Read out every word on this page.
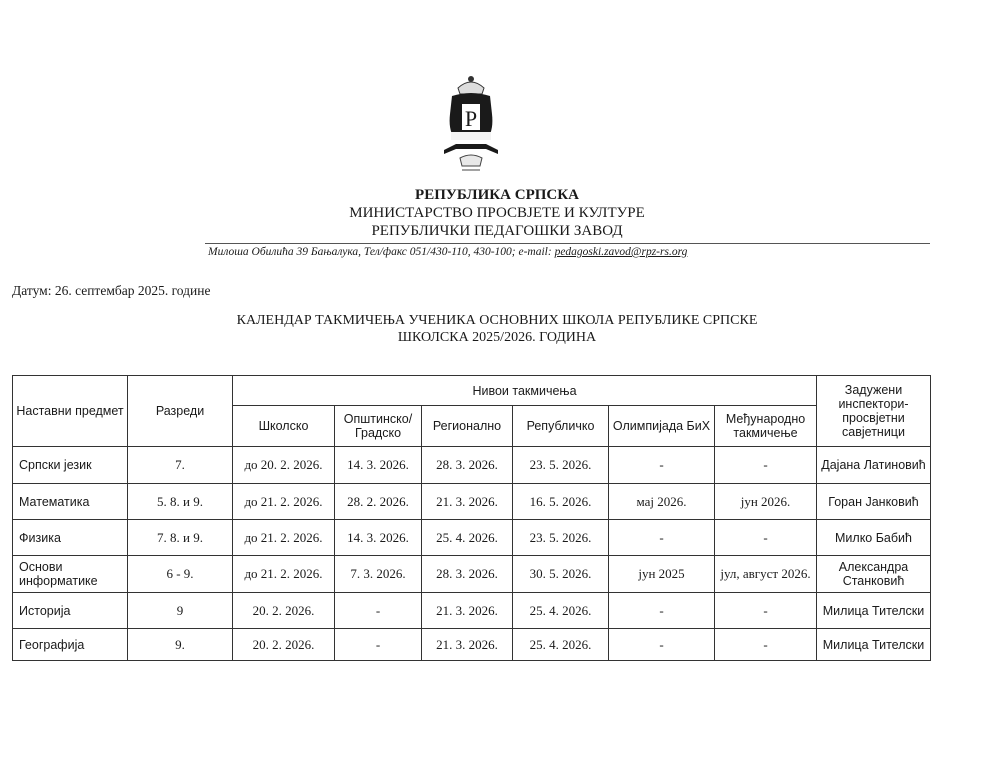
Р
РЕПУБЛИКА СРПСКА
МИНИСТАРСТВО ПРОСВЈЕТЕ И КУЛТУРЕ
РЕПУБЛИЧКИ ПЕДАГОШКИ ЗАВОД
Милоша Обилића 39 Бањалука, Тел/факс 051/430-110, 430-100; e-mail: pedagoski.zavod@rpz-rs.org
Датум: 26. септембар 2025. године
КАЛЕНДАР ТАКМИЧЕЊА УЧЕНИКА ОСНОВНИХ ШКОЛА РЕПУБЛИКЕ СРПСКЕ
ШКОЛСКА 2025/2026. ГОДИНА
Наставни предмет	Разреди	Нивои такмичења						Задужени инспектори-просвјетни савјетници
		Школско	Општинско/ Градско	Регионално	Републичко	Олимпијада БиХ	Међународно такмичење	
Српски језик	7.	до 20. 2. 2026.	14. 3. 2026.	28. 3. 2026.	23. 5. 2026.	-	-	Дајана Латиновић
Математика	5. 8. и 9.	до 21. 2. 2026.	28. 2. 2026.	21. 3. 2026.	16. 5. 2026.	мај 2026.	јун 2026.	Горан Јанковић
Физика	7. 8. и 9.	до 21. 2. 2026.	14. 3. 2026.	25. 4. 2026.	23. 5. 2026.	-	-	Милко Бабић
Основи информатике	6 - 9.	до 21. 2. 2026.	7. 3. 2026.	28. 3. 2026.	30. 5. 2026.	јун 2025	јул, август 2026.	Александра Станковић
Историја	9	20. 2. 2026.	-	21. 3. 2026.	25. 4. 2026.	-	-	Милица Тителски
Географија	9.	20. 2. 2026.	-	21. 3. 2026.	25. 4. 2026.	-	-	Милица Тителски
